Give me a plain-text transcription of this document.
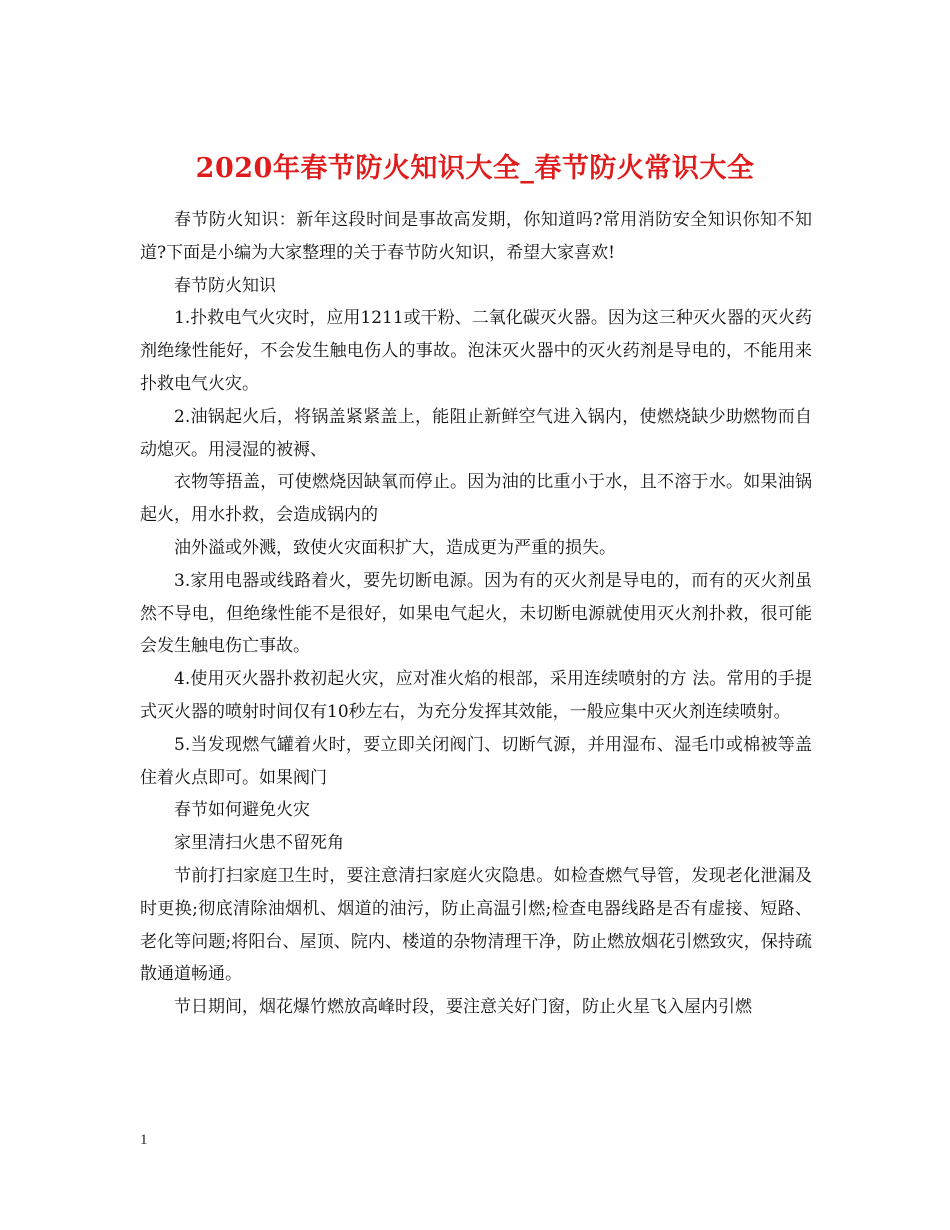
2020年春节防火知识大全_春节防火常识大全

春节防火知识：新年这段时间是事故高发期，你知道吗?常用消防安全知识你知不知道?下面是小编为大家整理的关于春节防火知识，希望大家喜欢!

春节防火知识

1.扑救电气火灾时，应用1211或干粉、二氧化碳灭火器。因为这三种灭火器的灭火药剂绝缘性能好，不会发生触电伤人的事故。泡沫灭火器中的灭火药剂是导电的，不能用来扑救电气火灾。

2.油锅起火后，将锅盖紧紧盖上，能阻止新鲜空气进入锅内，使燃烧缺少助燃物而自动熄灭。用浸湿的被褥、

衣物等捂盖，可使燃烧因缺氧而停止。因为油的比重小于水，且不溶于水。如果油锅起火，用水扑救，会造成锅内的

油外溢或外溅，致使火灾面积扩大，造成更为严重的损失。

3.家用电器或线路着火，要先切断电源。因为有的灭火剂是导电的，而有的灭火剂虽然不导电，但绝缘性能不是很好，如果电气起火，未切断电源就使用灭火剂扑救，很可能会发生触电伤亡事故。

4.使用灭火器扑救初起火灾，应对准火焰的根部，采用连续喷射的方 法。常用的手提式灭火器的喷射时间仅有10秒左右，为充分发挥其效能，一般应集中灭火剂连续喷射。

5.当发现燃气罐着火时，要立即关闭阀门、切断气源，并用湿布、湿毛巾或棉被等盖住着火点即可。如果阀门

春节如何避免火灾

家里清扫火患不留死角

节前打扫家庭卫生时，要注意清扫家庭火灾隐患。如检查燃气导管，发现老化泄漏及时更换;彻底清除油烟机、烟道的油污，防止高温引燃;检查电器线路是否有虚接、短路、老化等问题;将阳台、屋顶、院内、楼道的杂物清理干净，防止燃放烟花引燃致灾，保持疏散通道畅通。

节日期间，烟花爆竹燃放高峰时段，要注意关好门窗，防止火星飞入屋内引燃

1
